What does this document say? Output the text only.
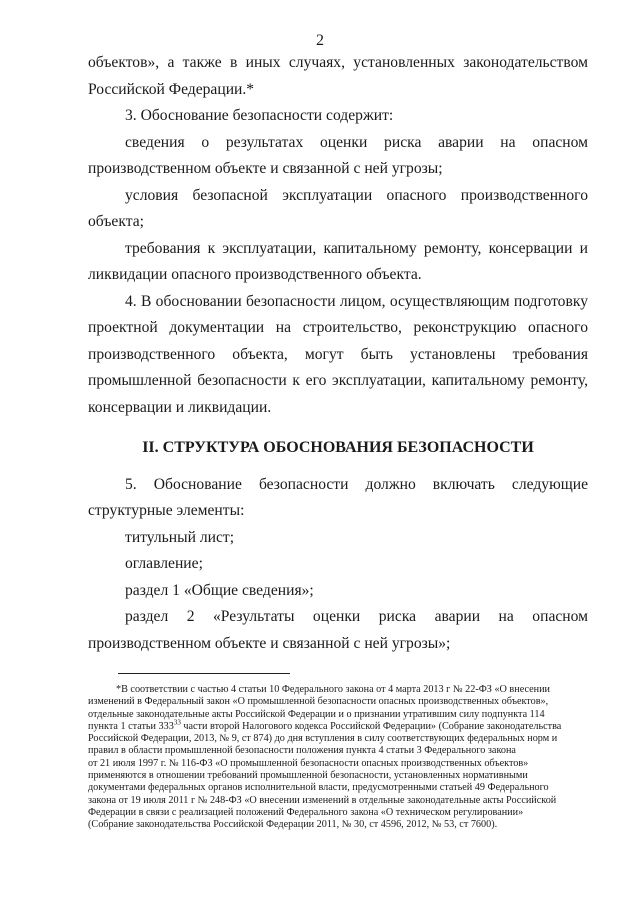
2

объектов», а также в иных случаях, установленных законодательством

Российской Федерации.*

3. Обоснование безопасности содержит:

сведения о результатах оценки риска аварии на опасном

производственном объекте и связанной с ней угрозы;

условия безопасной эксплуатации опасного производственного

объекта;

требования к эксплуатации, капитальному ремонту, консервации и

ликвидации опасного производственного объекта.

4. В обосновании безопасности лицом, осуществляющим подготовку

проектной документации на строительство, реконструкцию опасного

производственного объекта, могут быть установлены требования

промышленной безопасности к его эксплуатации, капитальному ремонту,

консервации и ликвидации.

II. СТРУКТУРА ОБОСНОВАНИЯ БЕЗОПАСНОСТИ

5. Обоснование безопасности должно включать следующие

структурные элементы:

титульный лист;

оглавление;

раздел 1 «Общие сведения»;

раздел 2 «Результаты оценки риска аварии на опасном

производственном объекте и связанной с ней угрозы»;

*В соответствии с частью 4 статьи 10 Федерального закона от 4 марта 2013 г № 22-ФЗ «О внесении

изменений в Федеральный закон «О промышленной безопасности опасных производственных объектов»,

отдельные законодательные акты Российской Федерации и о признании утратившим силу подпункта 114

пункта 1 статьи $333^{33}$ части второй Налогового кодекса Российской Федерации» (Собрание законодательства

Российской Федерации, 2013, № 9, ст 874) до дня вступления в силу соответствующих федеральных норм и

правил в области промышленной безопасности положения пункта 4 статьи 3 Федерального закона

от 21 июля 1997 г. № 116-ФЗ «О промышленной безопасности опасных производственных объектов»

применяются в отношении требований промышленной безопасности, установленных нормативными

документами федеральных органов исполнительной власти, предусмотренными статьей 49 Федерального

закона от 19 июля 2011 г № 248-ФЗ «О внесении изменений в отдельные законодательные акты Российской

Федерации в связи с реализацией положений Федерального закона «О техническом регулировании»

(Собрание законодательства Российской Федерации 2011, № 30, ст 4596, 2012, № 53, ст 7600).
